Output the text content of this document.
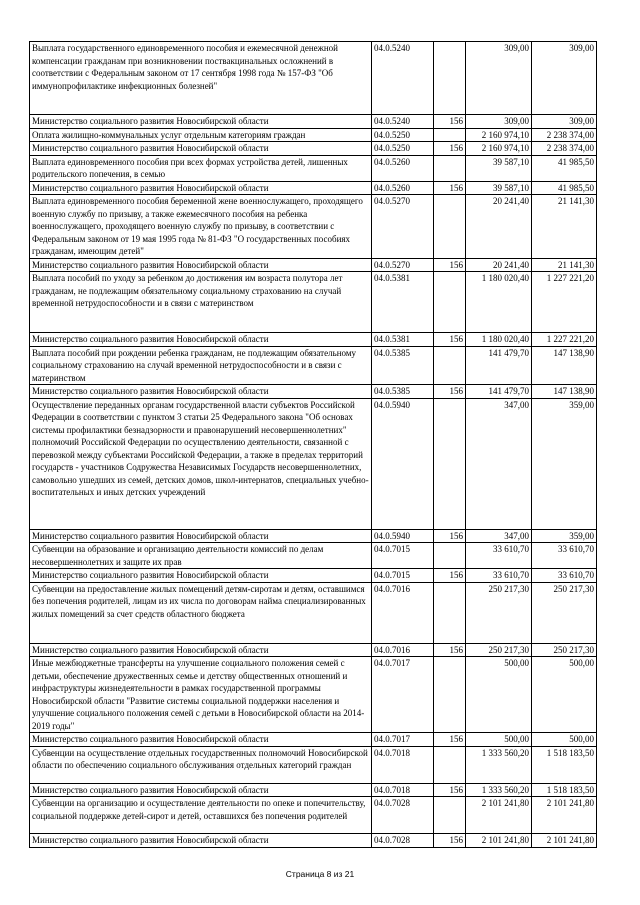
Выплата государственного единовременного пособия и ежемесячной денежной компенсации гражданам при возникновении поствакцинальных осложнений в соответствии с Федеральным законом от 17 сентября 1998 года № 157-ФЗ "Об иммунопрофилактике инфекционных болезней"	04.0.5240		309,00	309,00
Министерство социального развития Новосибирской области	04.0.5240	156	309,00	309,00
Оплата жилищно-коммунальных услуг отдельным категориям граждан	04.0.5250		2 160 974,10	2 238 374,00
Министерство социального развития Новосибирской области	04.0.5250	156	2 160 974,10	2 238 374,00
Выплата единовременного пособия при всех формах устройства детей, лишенных родительского попечения, в семью	04.0.5260		39 587,10	41 985,50
Министерство социального развития Новосибирской области	04.0.5260	156	39 587,10	41 985,50
Выплата единовременного пособия беременной жене военнослужащего, проходящего военную службу по призыву, а также ежемесячного пособия на ребенка военнослужащего, проходящего военную службу по призыву, в соответствии с Федеральным законом от 19 мая 1995 года № 81-ФЗ "О государственных пособиях гражданам, имеющим детей"	04.0.5270		20 241,40	21 141,30
Министерство социального развития Новосибирской области	04.0.5270	156	20 241,40	21 141,30
Выплата пособий по уходу за ребенком до достижения им возраста полутора лет гражданам, не подлежащим обязательному социальному страхованию на случай временной нетрудоспособности и в связи с материнством	04.0.5381		1 180 020,40	1 227 221,20
Министерство социального развития Новосибирской области	04.0.5381	156	1 180 020,40	1 227 221,20
Выплата пособий при рождении ребенка гражданам, не подлежащим обязательному социальному страхованию на случай временной нетрудоспособности и в связи с материнством	04.0.5385		141 479,70	147 138,90
Министерство социального развития Новосибирской области	04.0.5385	156	141 479,70	147 138,90
Осуществление переданных органам государственной власти субъектов Российской Федерации в соответствии с пунктом 3 статьи 25 Федерального закона "Об основах системы профилактики безнадзорности и правонарушений несовершеннолетних" полномочий Российской Федерации по осуществлению деятельности, связанной с перевозкой между субъектами Российской Федерации, а также в пределах территорий государств - участников Содружества Независимых Государств несовершеннолетних, самовольно ушедших из семей, детских домов, школ-интернатов, специальных учебно-воспитательных и иных детских учреждений	04.0.5940		347,00	359,00
Министерство социального развития Новосибирской области	04.0.5940	156	347,00	359,00
Субвенции на образование и организацию деятельности комиссий по делам несовершеннолетних и защите их прав	04.0.7015		33 610,70	33 610,70
Министерство социального развития Новосибирской области	04.0.7015	156	33 610,70	33 610,70
Субвенции на предоставление жилых помещений детям-сиротам и детям, оставшимся без попечения родителей, лицам из их числа по договорам найма специализированных жилых помещений за счет средств областного бюджета	04.0.7016		250 217,30	250 217,30
Министерство социального развития Новосибирской области	04.0.7016	156	250 217,30	250 217,30
Иные межбюджетные трансферты на улучшение социального положения семей с детьми, обеспечение дружественных семье и детству общественных отношений и инфраструктуры жизнедеятельности в рамках государственной программы Новосибирской области "Развитие системы социальной поддержки населения и улучшение социального положения семей с детьми в Новосибирской области на 2014-2019 годы"	04.0.7017		500,00	500,00
Министерство социального развития Новосибирской области	04.0.7017	156	500,00	500,00
Субвенции на осуществление отдельных государственных полномочий Новосибирской области по обеспечению социального обслуживания отдельных категорий граждан	04.0.7018		1 333 560,20	1 518 183,50
Министерство социального развития Новосибирской области	04.0.7018	156	1 333 560,20	1 518 183,50
Субвенции на организацию и осуществление деятельности по опеке и попечительству, социальной поддержке детей-сирот и детей, оставшихся без попечения родителей	04.0.7028		2 101 241,80	2 101 241,80
Министерство социального развития Новосибирской области	04.0.7028	156	2 101 241,80	2 101 241,80
Страница 8 из 21
